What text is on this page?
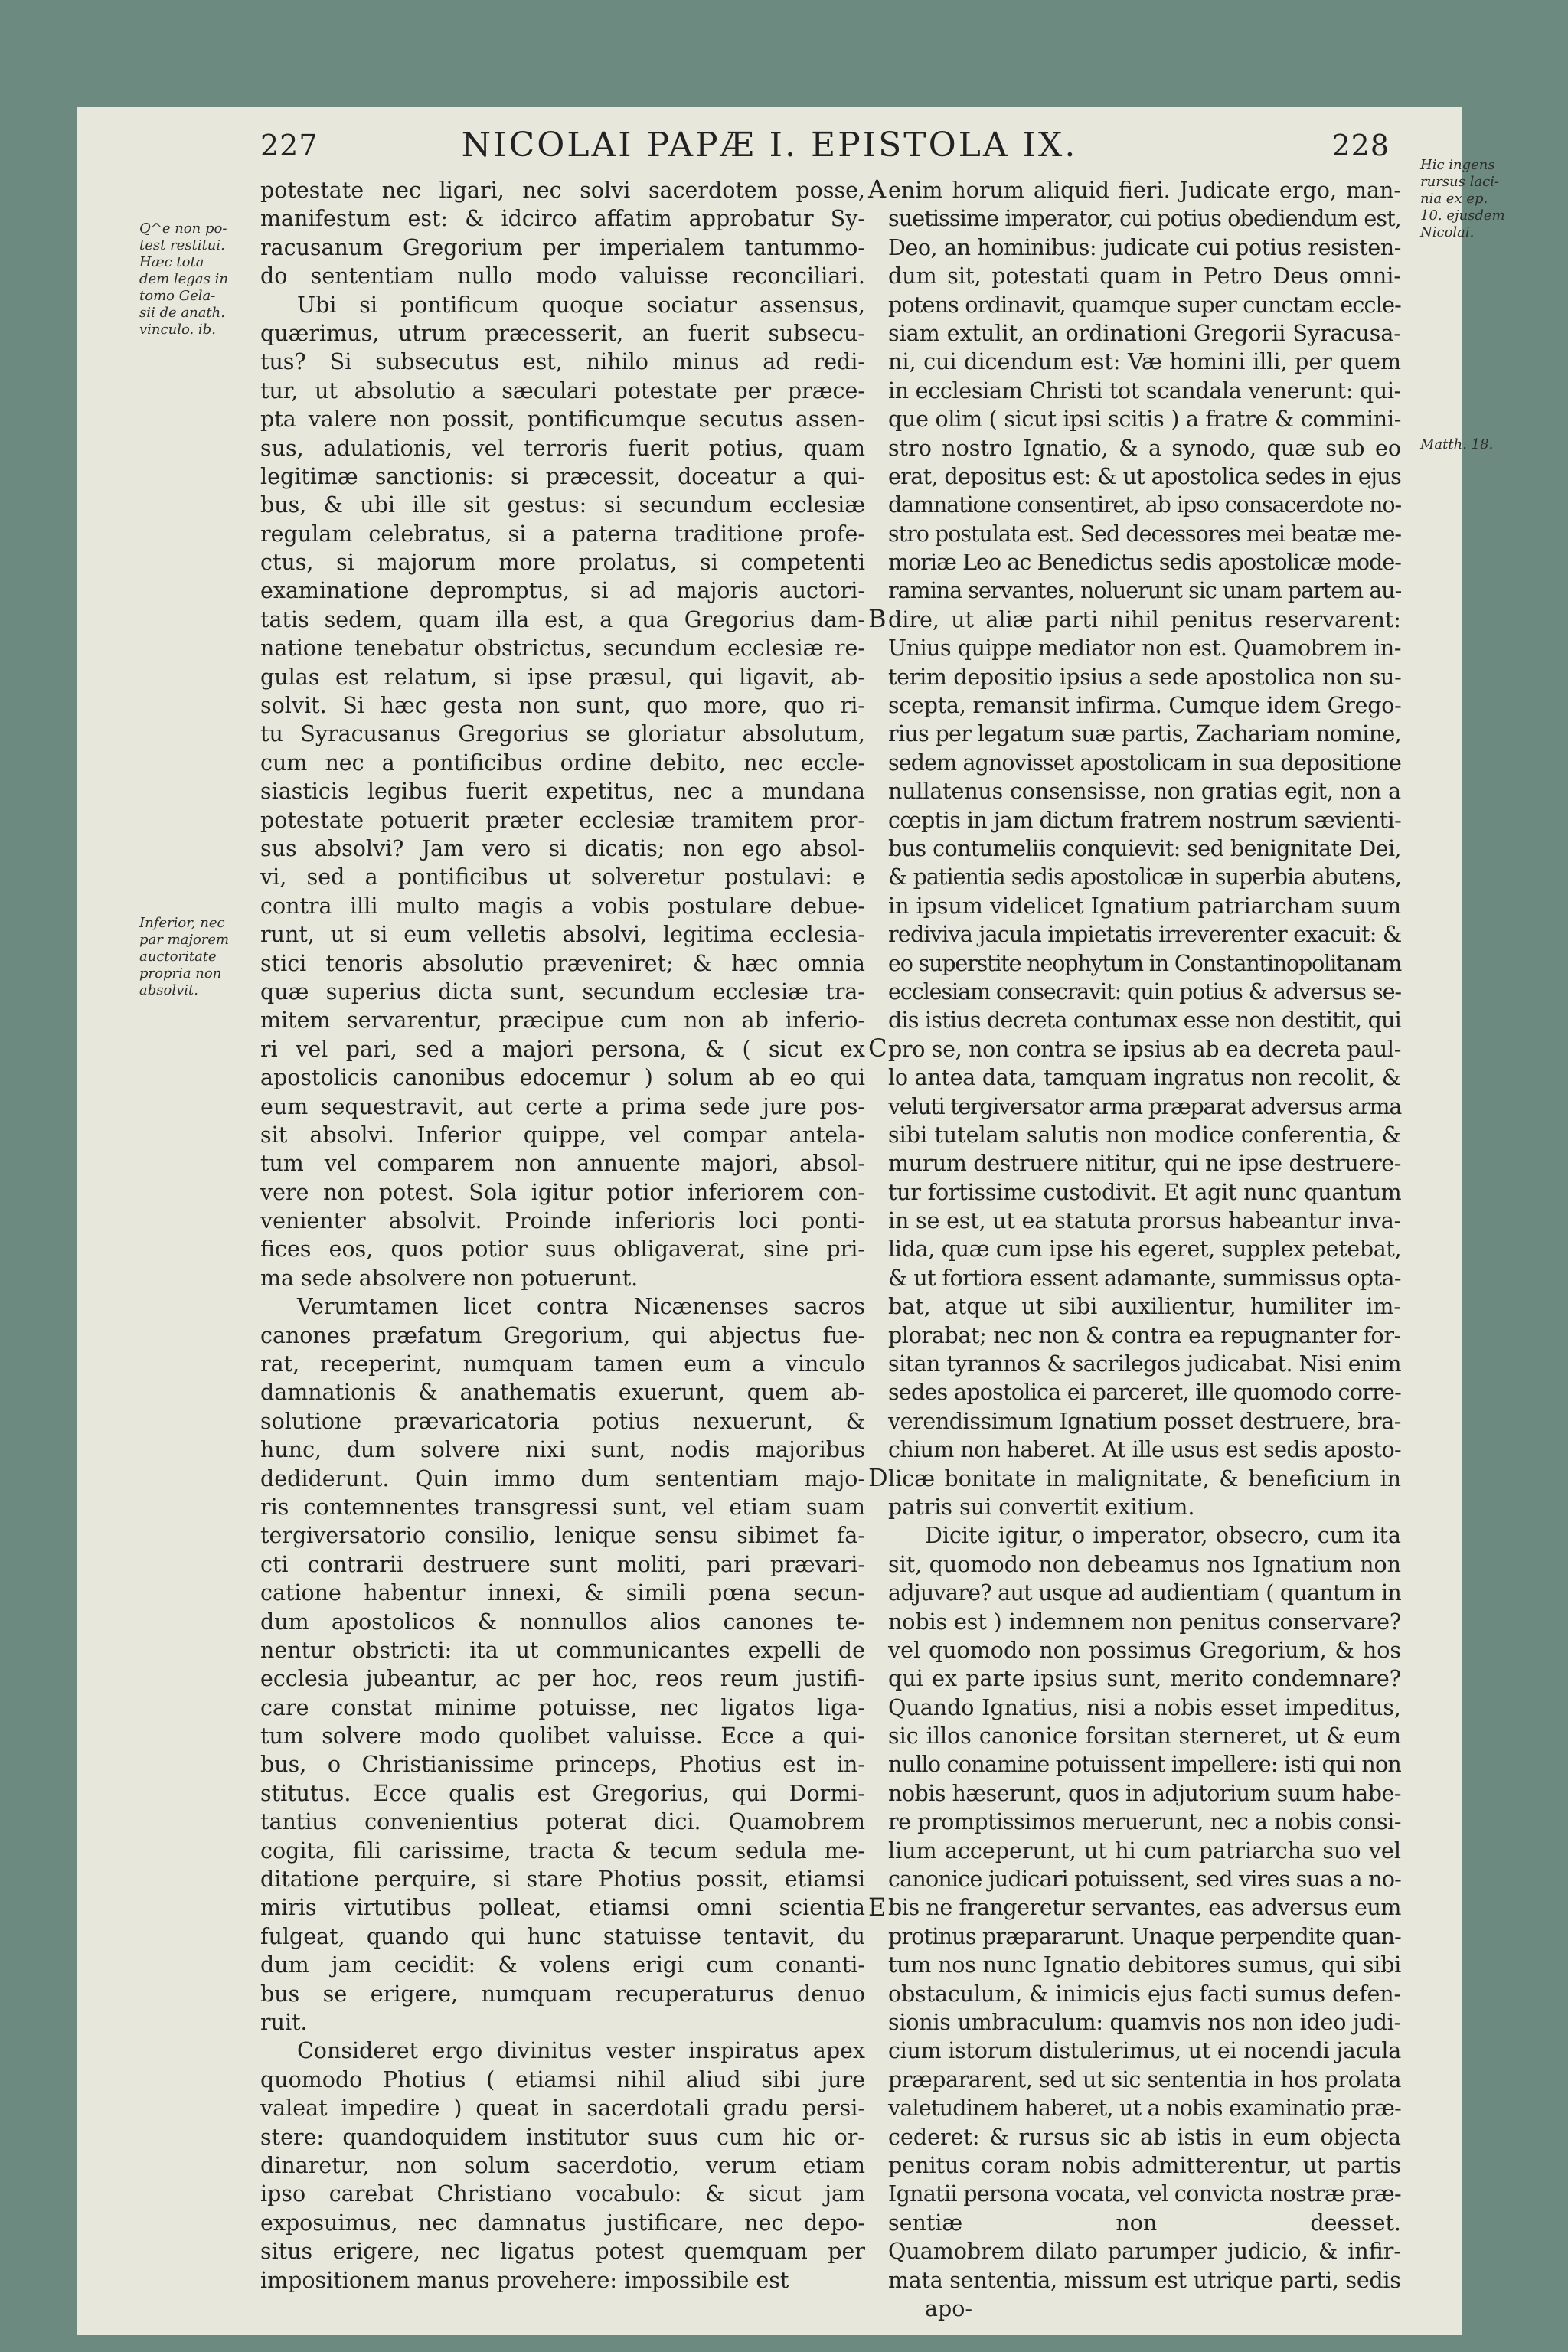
227	NICOLAI PAPÆ I. EPISTOLA IX.	228
Q^e non po-
test restitui.
Hæc tota
dem legas in
tomo Gela-
sii de anath.
vinculo. ib.
Inferior, nec
par majorem
auctoritate
propria non
absolvit.
Hic ingens
rursus laci-
nia ex ep.
10. ejusdem
Nicolai.
Matth. 18.
potestate nec ligari, nec solvi sacerdotem posse,
manifestum est: & idcirco affatim approbatur Sy-
racusanum Gregorium per imperialem tantummo-
do sententiam nullo modo valuisse reconciliari.
Ubi si pontificum quoque sociatur assensus,
quærimus, utrum præcesserit, an fuerit subsecu-
tus? Si subsecutus est, nihilo minus ad redi-
tur, ut absolutio a sæculari potestate per præce-
pta valere non possit, pontificumque secutus assen-
sus, adulationis, vel terroris fuerit potius, quam
legitimæ sanctionis: si præcessit, doceatur a qui-
bus, & ubi ille sit gestus: si secundum ecclesiæ
regulam celebratus, si a paterna traditione profe-
ctus, si majorum more prolatus, si competenti
examinatione depromptus, si ad majoris auctori-
tatis sedem, quam illa est, a qua Gregorius dam-
natione tenebatur obstrictus, secundum ecclesiæ re-
gulas est relatum, si ipse præsul, qui ligavit, ab-
solvit. Si hæc gesta non sunt, quo more, quo ri-
tu Syracusanus Gregorius se gloriatur absolutum,
cum nec a pontificibus ordine debito, nec eccle-
siasticis legibus fuerit expetitus, nec a mundana
potestate potuerit præter ecclesiæ tramitem pror-
sus absolvi? Jam vero si dicatis; non ego absol-
vi, sed a pontificibus ut solveretur postulavi: e
contra illi multo magis a vobis postulare debue-
runt, ut si eum velletis absolvi, legitima ecclesia-
stici tenoris absolutio præveniret; & hæc omnia
quæ superius dicta sunt, secundum ecclesiæ tra-
mitem servarentur, præcipue cum non ab inferio-
ri vel pari, sed a majori persona, & ( sicut ex
apostolicis canonibus edocemur ) solum ab eo qui
eum sequestravit, aut certe a prima sede jure pos-
sit absolvi. Inferior quippe, vel compar antela-
tum vel comparem non annuente majori, absol-
vere non potest. Sola igitur potior inferiorem con-
venienter absolvit. Proinde inferioris loci ponti-
fices eos, quos potior suus obligaverat, sine pri-
ma sede absolvere non potuerunt.
Verumtamen licet contra Nicænenses sacros
canones præfatum Gregorium, qui abjectus fue-
rat, receperint, numquam tamen eum a vinculo
damnationis & anathematis exuerunt, quem ab-
solutione prævaricatoria potius nexuerunt, &
hunc, dum solvere nixi sunt, nodis majoribus
dediderunt. Quin immo dum sententiam majo-
ris contemnentes transgressi sunt, vel etiam suam
tergiversatorio consilio, lenique sensu sibimet fa-
cti contrarii destruere sunt moliti, pari prævari-
catione habentur innexi, & simili pœna secun-
dum apostolicos & nonnullos alios canones te-
nentur obstricti: ita ut communicantes expelli de
ecclesia jubeantur, ac per hoc, reos reum justifi-
care constat minime potuisse, nec ligatos liga-
tum solvere modo quolibet valuisse. Ecce a qui-
bus, o Christianissime princeps, Photius est in-
stitutus. Ecce qualis est Gregorius, qui Dormi-
tantius convenientius poterat dici. Quamobrem
cogita, fili carissime, tracta & tecum sedula me-
ditatione perquire, si stare Photius possit, etiamsi
miris virtutibus polleat, etiamsi omni scientia
fulgeat, quando qui hunc statuisse tentavit, du
dum jam cecidit: & volens erigi cum conanti-
bus se erigere, numquam recuperaturus denuo
ruit.
Consideret ergo divinitus vester inspiratus apex
quomodo Photius ( etiamsi nihil aliud sibi jure
valeat impedire ) queat in sacerdotali gradu persi-
stere: quandoquidem institutor suus cum hic or-
dinaretur, non solum sacerdotio, verum etiam
ipso carebat Christiano vocabulo: & sicut jam
exposuimus, nec damnatus justificare, nec depo-
situs erigere, nec ligatus potest quemquam per
impositionem manus provehere: impossibile est
A
B
C
D
E
enim horum aliquid fieri. Judicate ergo, man-
suetissime imperator, cui potius obediendum est,
Deo, an hominibus: judicate cui potius resisten-
dum sit, potestati quam in Petro Deus omni-
potens ordinavit, quamque super cunctam eccle-
siam extulit, an ordinationi Gregorii Syracusa-
ni, cui dicendum est: Væ homini illi, per quem
in ecclesiam Christi tot scandala venerunt: qui-
que olim ( sicut ipsi scitis ) a fratre & commini-
stro nostro Ignatio, & a synodo, quæ sub eo
erat, depositus est: & ut apostolica sedes in ejus
damnatione consentiret, ab ipso consacerdote no-
stro postulata est. Sed decessores mei beatæ me-
moriæ Leo ac Benedictus sedis apostolicæ mode-
ramina servantes, noluerunt sic unam partem au-
dire, ut aliæ parti nihil penitus reservarent:
Unius quippe mediator non est. Quamobrem in-
terim depositio ipsius a sede apostolica non su-
scepta, remansit infirma. Cumque idem Grego-
rius per legatum suæ partis, Zachariam nomine,
sedem agnovisset apostolicam in sua depositione
nullatenus consensisse, non gratias egit, non a
cœptis in jam dictum fratrem nostrum sævienti-
bus contumeliis conquievit: sed benignitate Dei,
& patientia sedis apostolicæ in superbia abutens,
in ipsum videlicet Ignatium patriarcham suum
rediviva jacula impietatis irreverenter exacuit: &
eo superstite neophytum in Constantinopolitanam
ecclesiam consecravit: quin potius & adversus se-
dis istius decreta contumax esse non destitit, qui
pro se, non contra se ipsius ab ea decreta paul-
lo antea data, tamquam ingratus non recolit, &
veluti tergiversator arma præparat adversus arma
sibi tutelam salutis non modice conferentia, &
murum destruere nititur, qui ne ipse destruere-
tur fortissime custodivit. Et agit nunc quantum
in se est, ut ea statuta prorsus habeantur inva-
lida, quæ cum ipse his egeret, supplex petebat,
& ut fortiora essent adamante, summissus opta-
bat, atque ut sibi auxilientur, humiliter im-
plorabat; nec non & contra ea repugnanter for-
sitan tyrannos & sacrilegos judicabat. Nisi enim
sedes apostolica ei parceret, ille quomodo corre-
verendissimum Ignatium posset destruere, bra-
chium non haberet. At ille usus est sedis aposto-
licæ bonitate in malignitate, & beneficium in
patris sui convertit exitium.
Dicite igitur, o imperator, obsecro, cum ita
sit, quomodo non debeamus nos Ignatium non
adjuvare? aut usque ad audientiam ( quantum in
nobis est ) indemnem non penitus conservare?
vel quomodo non possimus Gregorium, & hos
qui ex parte ipsius sunt, merito condemnare?
Quando Ignatius, nisi a nobis esset impeditus,
sic illos canonice forsitan sterneret, ut & eum
nullo conamine potuissent impellere: isti qui non
nobis hæserunt, quos in adjutorium suum habe-
re promptissimos meruerunt, nec a nobis consi-
lium acceperunt, ut hi cum patriarcha suo vel
canonice judicari potuissent, sed vires suas a no-
bis ne frangeretur servantes, eas adversus eum
protinus præpararunt. Unaque perpendite quan-
tum nos nunc Ignatio debitores sumus, qui sibi
obstaculum, & inimicis ejus facti sumus defen-
sionis umbraculum: quamvis nos non ideo judi-
cium istorum distulerimus, ut ei nocendi jacula
præpararent, sed ut sic sententia in hos prolata
valetudinem haberet, ut a nobis examinatio præ-
cederet: & rursus sic ab istis in eum objecta
penitus coram nobis admitterentur, ut partis
Ignatii persona vocata, vel convicta nostræ præ-
sentiæ non deesset.
Quamobrem dilato parumper judicio, & infir-
mata sententia, missum est utrique parti, sedis
apo-
